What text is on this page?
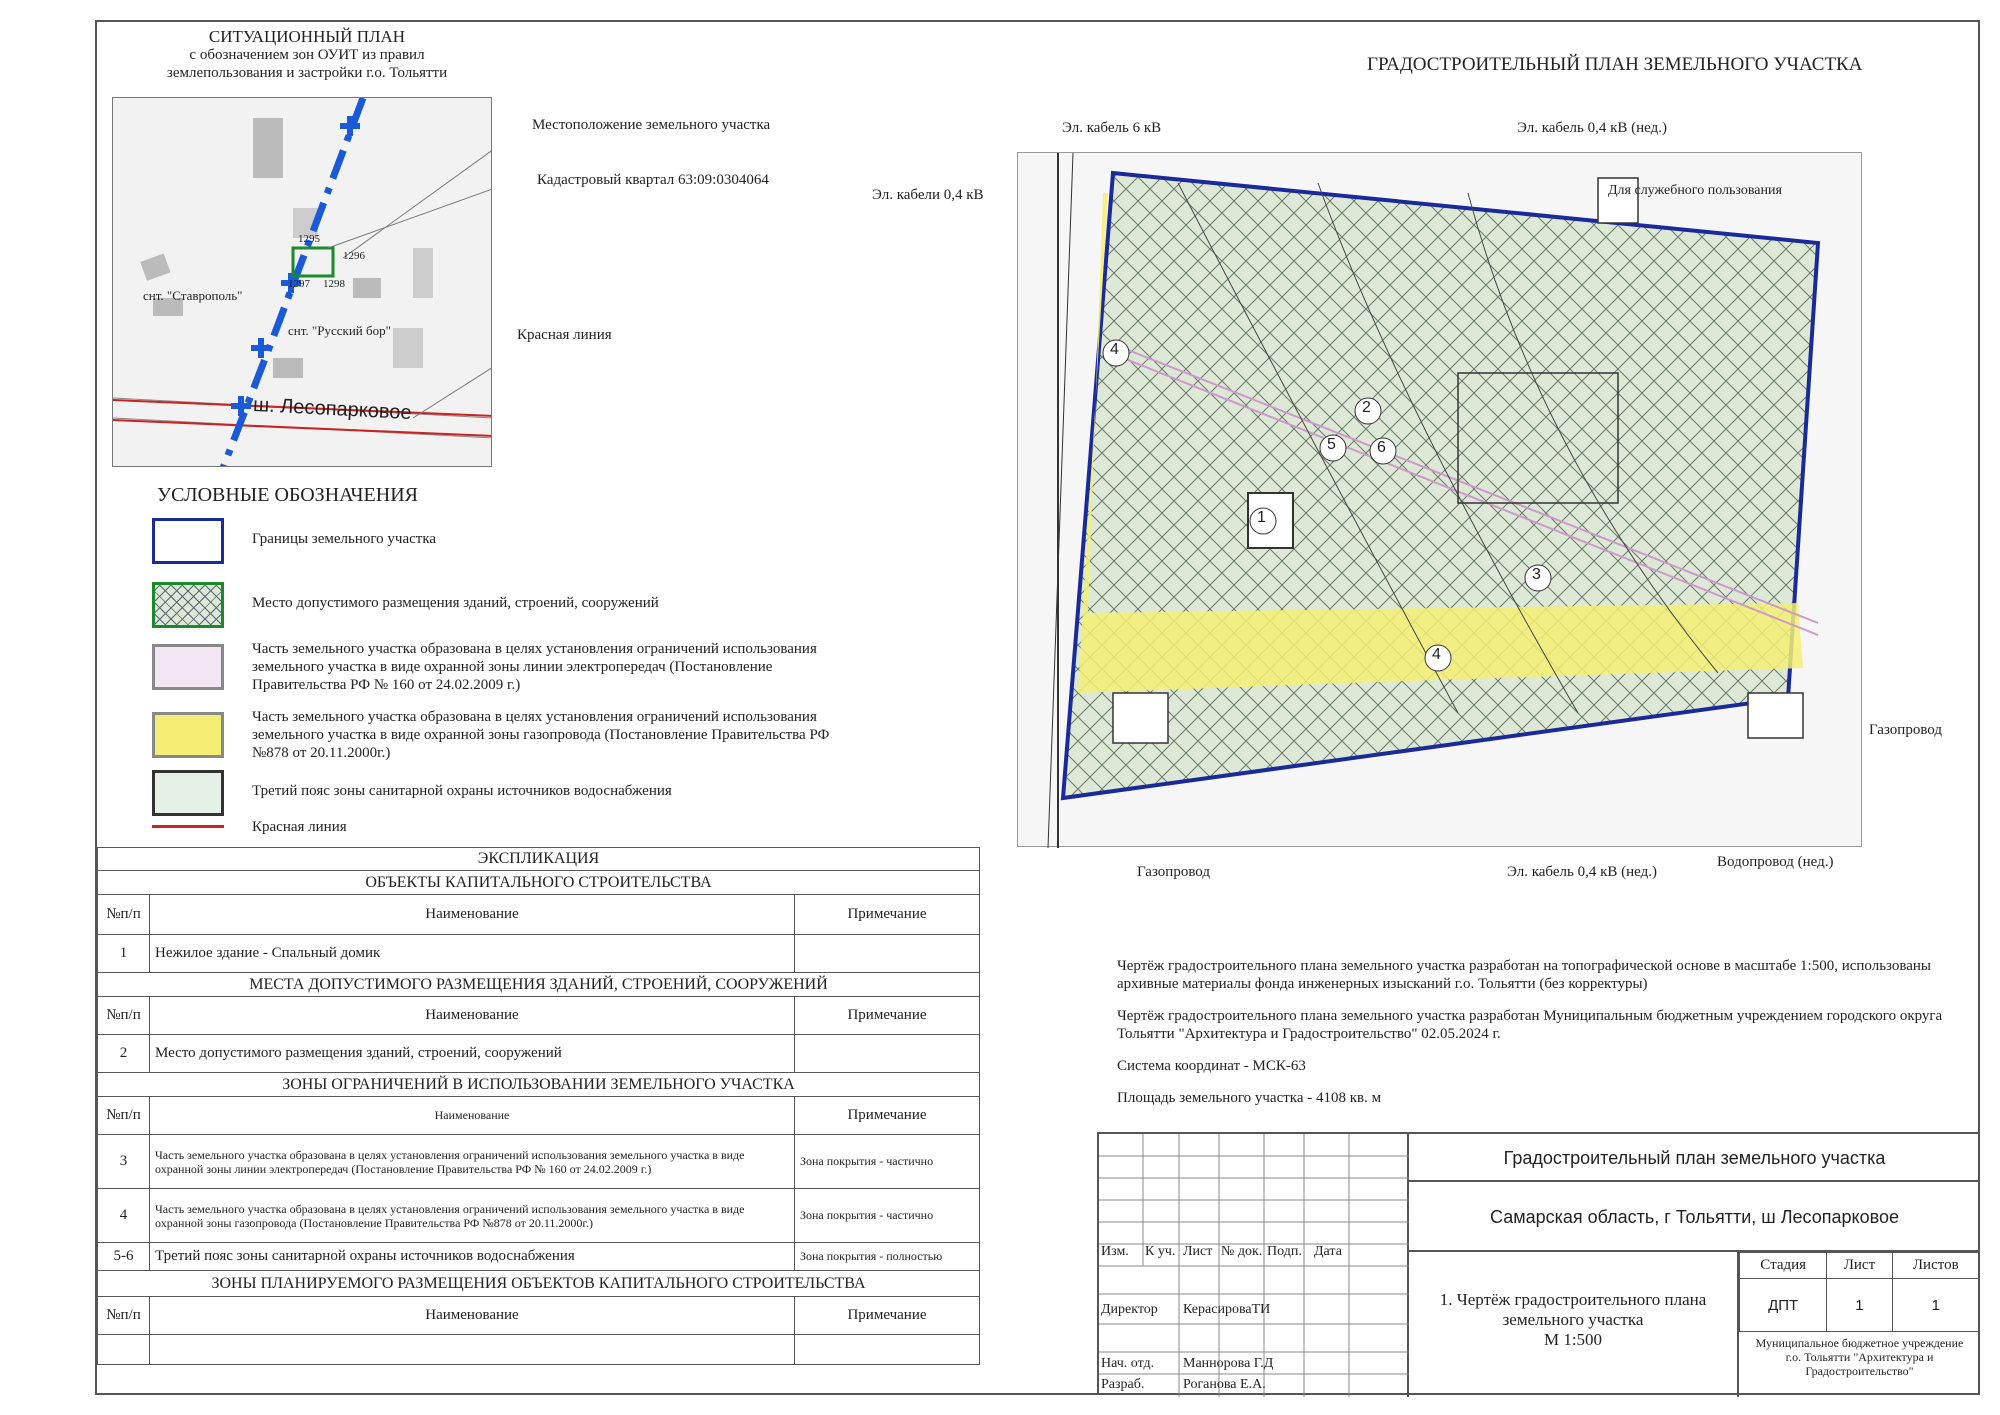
СИТУАЦИОННЫЙ ПЛАН
с обозначением зон ОУИТ из правил
землепользования и застройки г.о. Тольятти
1295
1296
1297 1298
снт. "Ставрополь"
снт. "Русский бор"
ш. Лесопарковое
Местоположение земельного участка
Кадастровый квартал 63:09:0304064
Красная линия
УСЛОВНЫЕ ОБОЗНАЧЕНИЯ
Границы земельного участка
Место допустимого размещения зданий, строений, сооружений
Часть земельного участка образована в целях установления ограничений использования земельного участка в виде охранной зоны линии электропередач (Постановление Правительства РФ № 160 от 24.02.2009 г.)
Часть земельного участка образована в целях установления ограничений использования земельного участка в виде охранной зоны газопровода (Постановление Правительства РФ №878 от 20.11.2000г.)
Третий пояс зоны санитарной охраны источников водоснабжения
Красная линия
ЭКСПЛИКАЦИЯ		
ОБЪЕКТЫ КАПИТАЛЬНОГО СТРОИТЕЛЬСТВА		
№п/п	Наименование	Примечание
1	Нежилое здание - Спальный домик	
МЕСТА ДОПУСТИМОГО РАЗМЕЩЕНИЯ ЗДАНИЙ, СТРОЕНИЙ, СООРУЖЕНИЙ		
№п/п	Наименование	Примечание
2	Место допустимого размещения зданий, строений, сооружений	
ЗОНЫ ОГРАНИЧЕНИЙ В ИСПОЛЬЗОВАНИИ ЗЕМЕЛЬНОГО УЧАСТКА		
№п/п	Наименование	Примечание
3	Часть земельного участка образована в целях установления ограничений использования земельного участка в виде охранной зоны линии электропередач (Постановление Правительства РФ № 160 от 24.02.2009 г.)	Зона покрытия - частично
4	Часть земельного участка образована в целях установления ограничений использования земельного участка в виде охранной зоны газопровода (Постановление Правительства РФ №878 от 20.11.2000г.)	Зона покрытия - частично
5-6	Третий пояс зоны санитарной охраны источников водоснабжения	Зона покрытия - полностью
ЗОНЫ ПЛАНИРУЕМОГО РАЗМЕЩЕНИЯ ОБЪЕКТОВ КАПИТАЛЬНОГО СТРОИТЕЛЬСТВА		
№п/п	Наименование	Примечание

ГРАДОСТРОИТЕЛЬНЫЙ ПЛАН ЗЕМЕЛЬНОГО УЧАСТКА
1
2
3
4
4
5	6
Для служебного пользования
Эл. кабель 6 кВ	Эл. кабель 0,4 кВ (нед.)
Эл. кабели 0,4 кВ
Газопровод
Газопровод	Эл. кабель 0,4 кВ (нед.)
Водопровод (нед.)

Чертёж градостроительного плана земельного участка разработан на топографической основе в масштабе 1:500, использованы архивные материалы фонда инженерных изысканий г.о. Тольятти (без корректуры)

Чертёж градостроительного плана земельного участка разработан Муниципальным бюджетным учреждением городского округа Тольятти "Архитектура и Градостроительство" 02.05.2024 г.

Система координат - МСК-63

Площадь земельного участка - 4108 кв. м

Изм. К уч. Лист № док. Подп. Дата
Директор КерасироваТИ
Нач. отд. Маннорова Г.Д
Разраб.	Роганова Е.А.
Градостроительный план земельного участка
Самарская область, г Тольятти, ш Лесопарковое
1. Чертёж градостроительного плана земельного участка
М 1:500
Стадия	Лист	Листов
ДПТ	1	1
Муниципальное бюджетное учреждение г.о. Тольятти "Архитектура и Градостроительство"
